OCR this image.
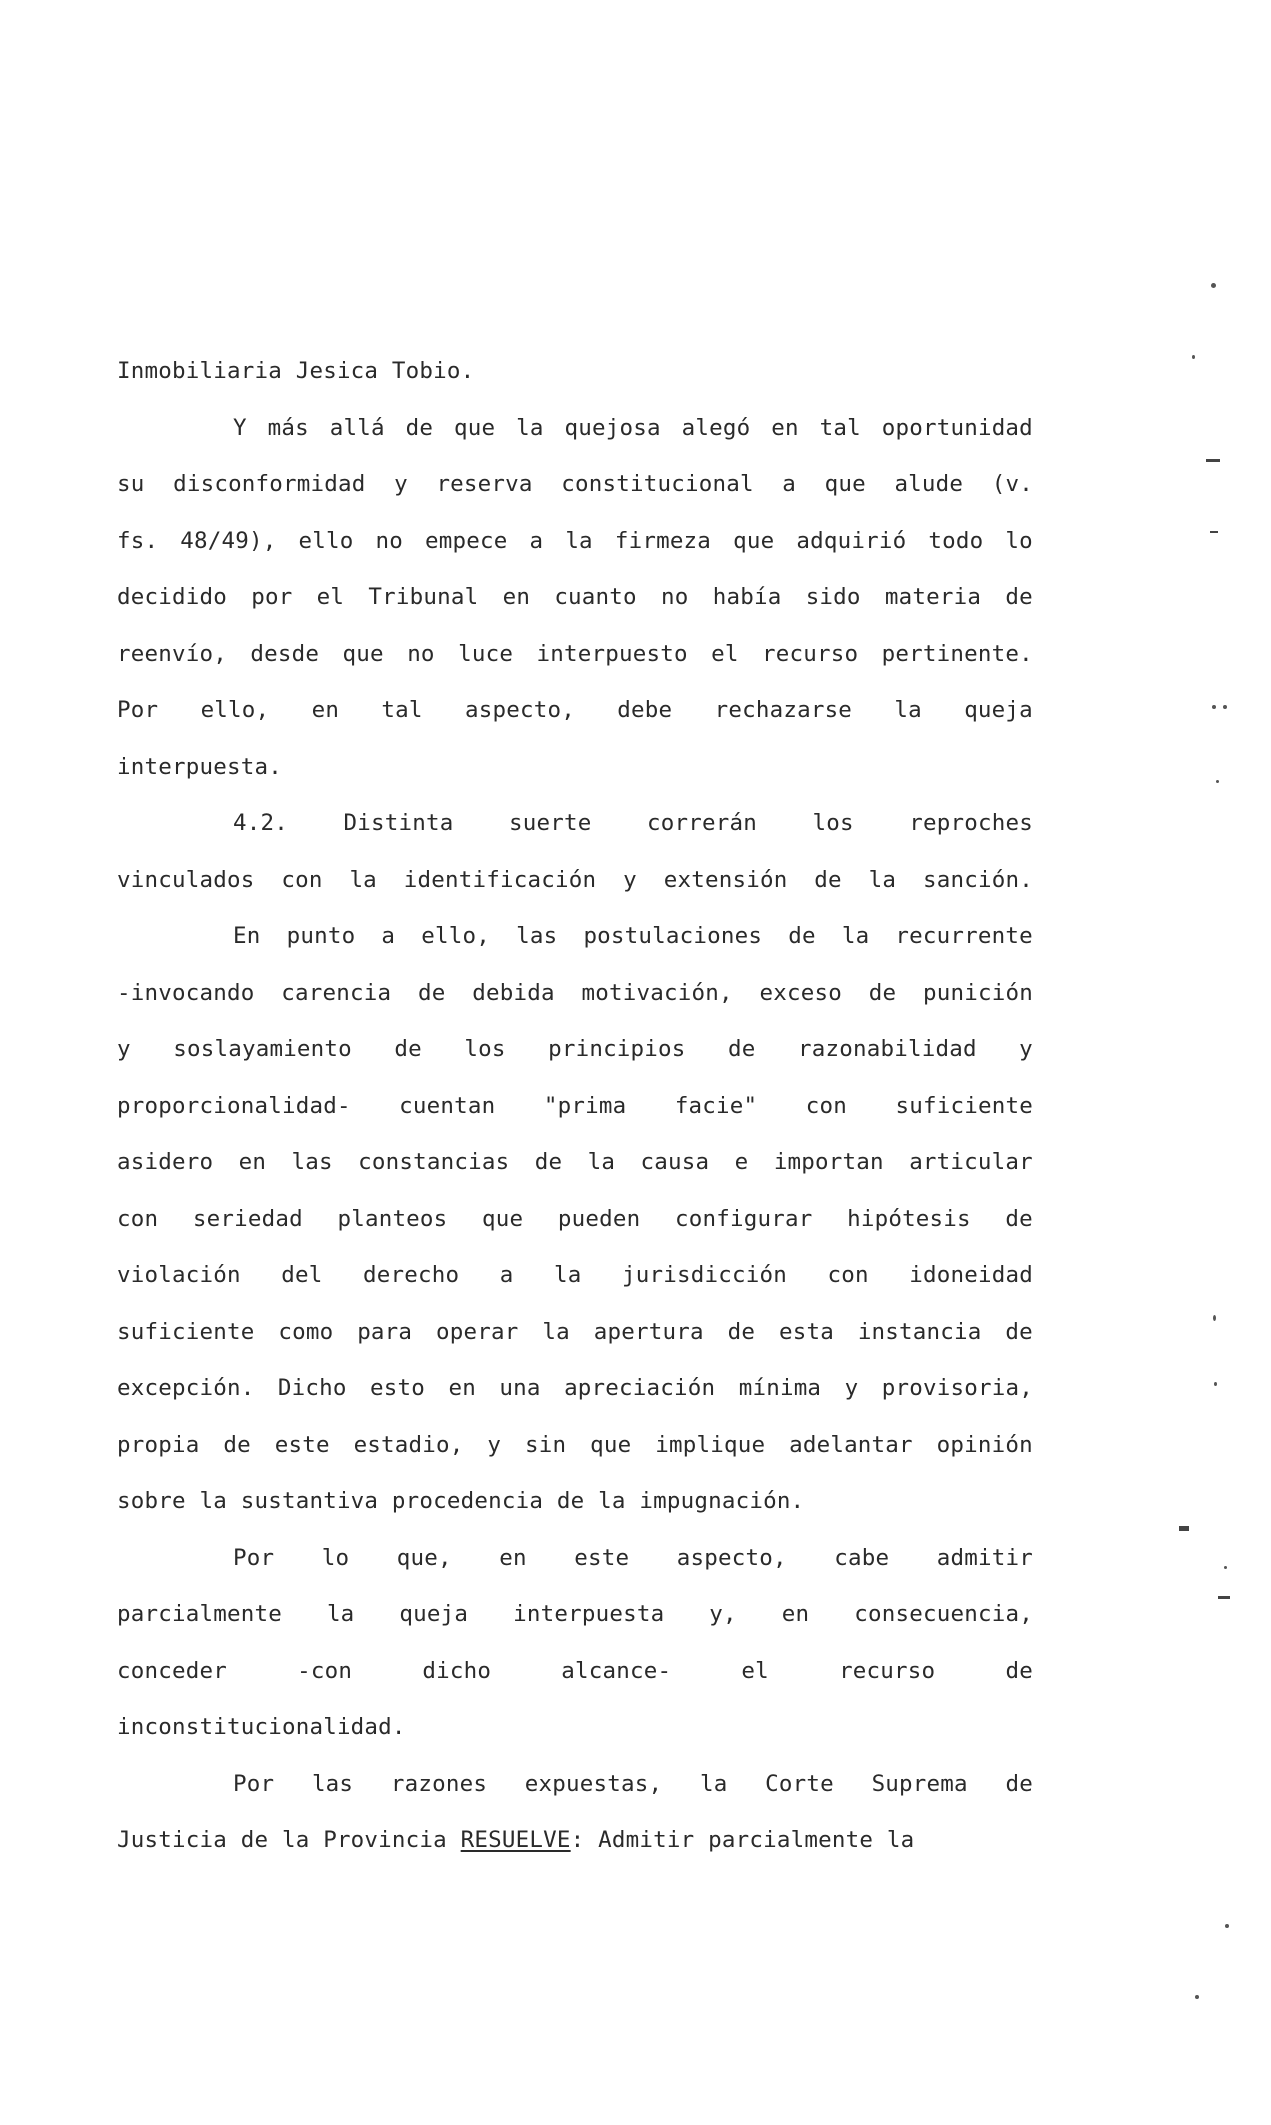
Inmobiliaria Jesica Tobio.
Y más allá de que la quejosa alegó en tal oportunidad
su disconformidad y reserva constitucional a que alude (v.
fs. 48/49), ello no empece a la firmeza que adquirió todo lo
decidido por el Tribunal en cuanto no había sido materia de
reenvío, desde que no luce interpuesto el recurso pertinente.
Por ello, en tal aspecto, debe rechazarse la queja
interpuesta.
4.2. Distinta suerte correrán los reproches
vinculados con la identificación y extensión de la sanción.
En punto a ello, las postulaciones de la recurrente
-invocando carencia de debida motivación, exceso de punición
y soslayamiento de los principios de razonabilidad y
proporcionalidad- cuentan "prima facie" con suficiente
asidero en las constancias de la causa e importan articular
con seriedad planteos que pueden configurar hipótesis de
violación del derecho a la jurisdicción con idoneidad
suficiente como para operar la apertura de esta instancia de
excepción. Dicho esto en una apreciación mínima y provisoria,
propia de este estadio, y sin que implique adelantar opinión
sobre la sustantiva procedencia de la impugnación.
Por lo que, en este aspecto, cabe admitir
parcialmente la queja interpuesta y, en consecuencia,
conceder	-con	dicho	alcance-	el	recurso	de
inconstitucionalidad.
Por las razones expuestas, la Corte Suprema de
Justicia de la Provincia RESUELVE: Admitir parcialmente la
